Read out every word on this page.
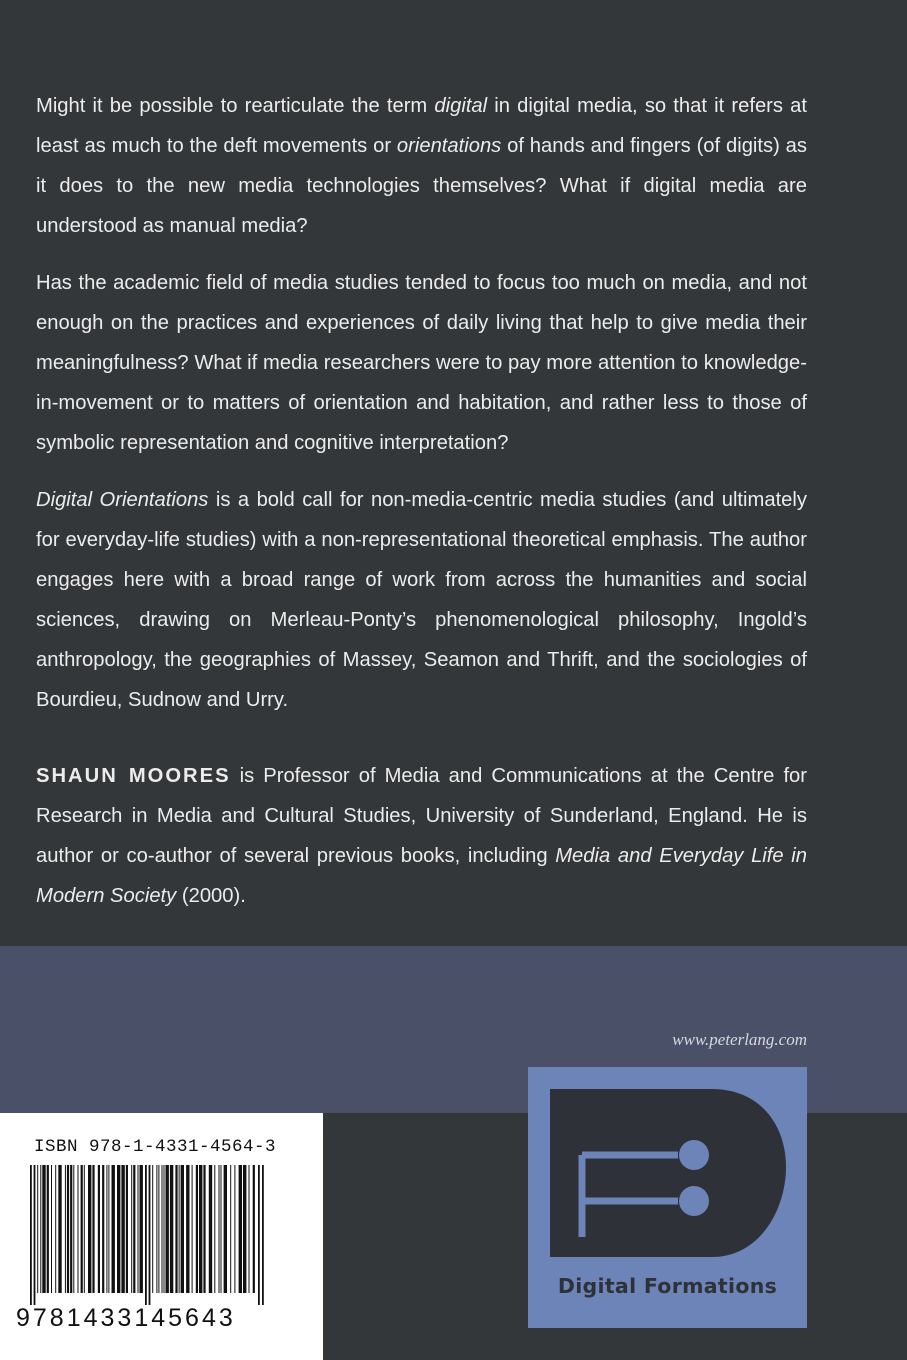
Might it be possible to rearticulate the term digital in digital media, so that it refers at least as much to the deft movements or orientations of hands and fingers (of digits) as it does to the new media technologies themselves? What if digital media are understood as manual media?

Has the academic field of media studies tended to focus too much on media, and not enough on the practices and experiences of daily living that help to give media their meaningfulness? What if media researchers were to pay more attention to knowledge-in-movement or to matters of orientation and habitation, and rather less to those of symbolic representation and cognitive interpretation?

Digital Orientations is a bold call for non-media-centric media studies (and ultimately for everyday-life studies) with a non-representational theoretical emphasis. The author engages here with a broad range of work from across the humanities and social sciences, drawing on Merleau-Ponty’s phenomenological philosophy, Ingold’s anthropology, the geographies of Massey, Seamon and Thrift, and the sociologies of Bourdieu, Sudnow and Urry.

SHAUN MOORES is Professor of Media and Communications at the Centre for Research in Media and Cultural Studies, University of Sunderland, England. He is author or co-author of several previous books, including Media and Everyday Life in Modern Society (2000).

www.peterlang.com
ISBN 978-1-4331-4564-3
9781433145643
Digital Formations
